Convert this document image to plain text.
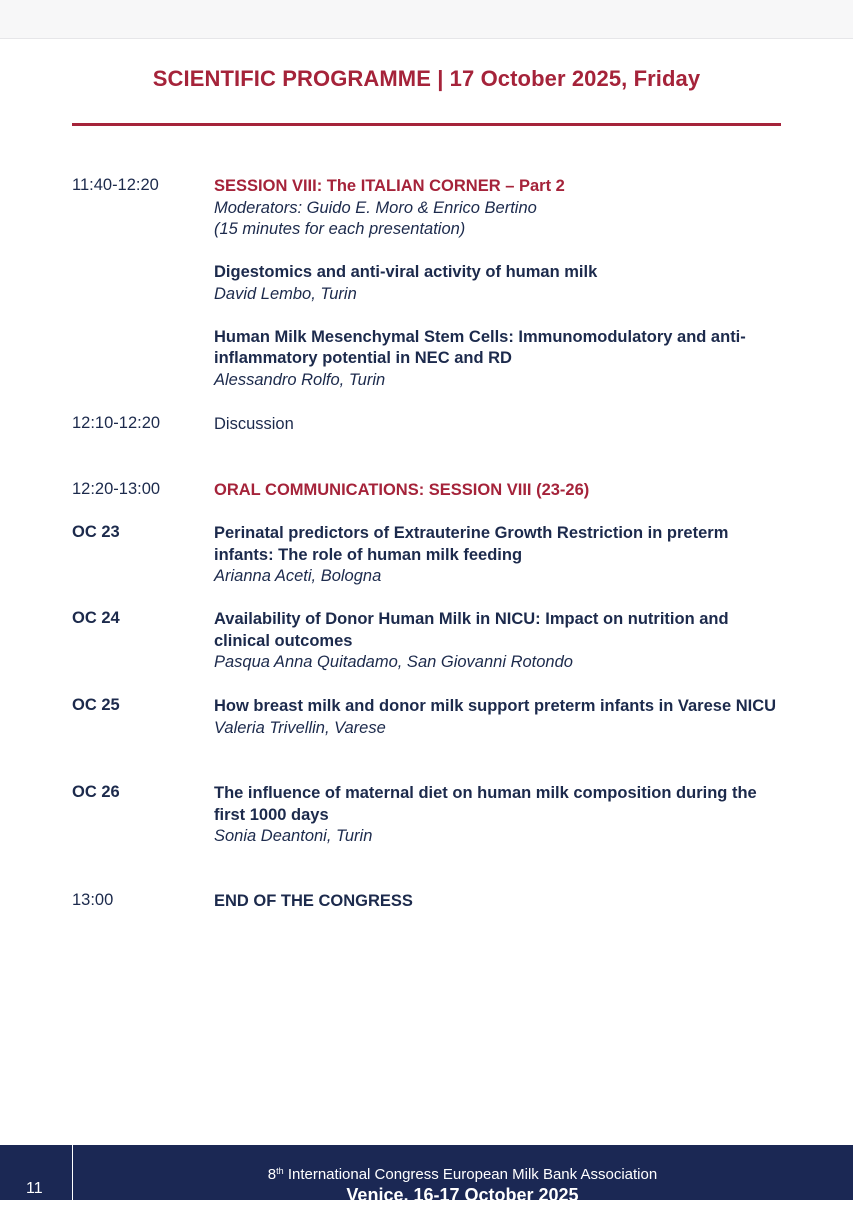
SCIENTIFIC PROGRAMME | 17 October 2025, Friday
11:40-12:20	SESSION VIII: The ITALIAN CORNER – Part 2
Moderators: Guido E. Moro & Enrico Bertino
(15 minutes for each presentation)
Digestomics and anti-viral activity of human milk
David Lembo, Turin
Human Milk Mesenchymal Stem Cells: Immunomodulatory and anti-inflammatory potential in NEC and RD
Alessandro Rolfo, Turin
12:10-12:20	Discussion
12:20-13:00	ORAL COMMUNICATIONS: SESSION VIII (23-26)
OC 23	Perinatal predictors of Extrauterine Growth Restriction in preterm infants: The role of human milk feeding
Arianna Aceti, Bologna
OC 24	Availability of Donor Human Milk in NICU: Impact on nutrition and clinical outcomes
Pasqua Anna Quitadamo, San Giovanni Rotondo
OC 25	How breast milk and donor milk support preterm infants in Varese NICU
Valeria Trivellin, Varese
OC 26	The influence of maternal diet on human milk composition during the first 1000 days
Sonia Deantoni, Turin
13:00	END OF THE CONGRESS
11
8th International Congress European Milk Bank Association
Venice, 16-17 October 2025
